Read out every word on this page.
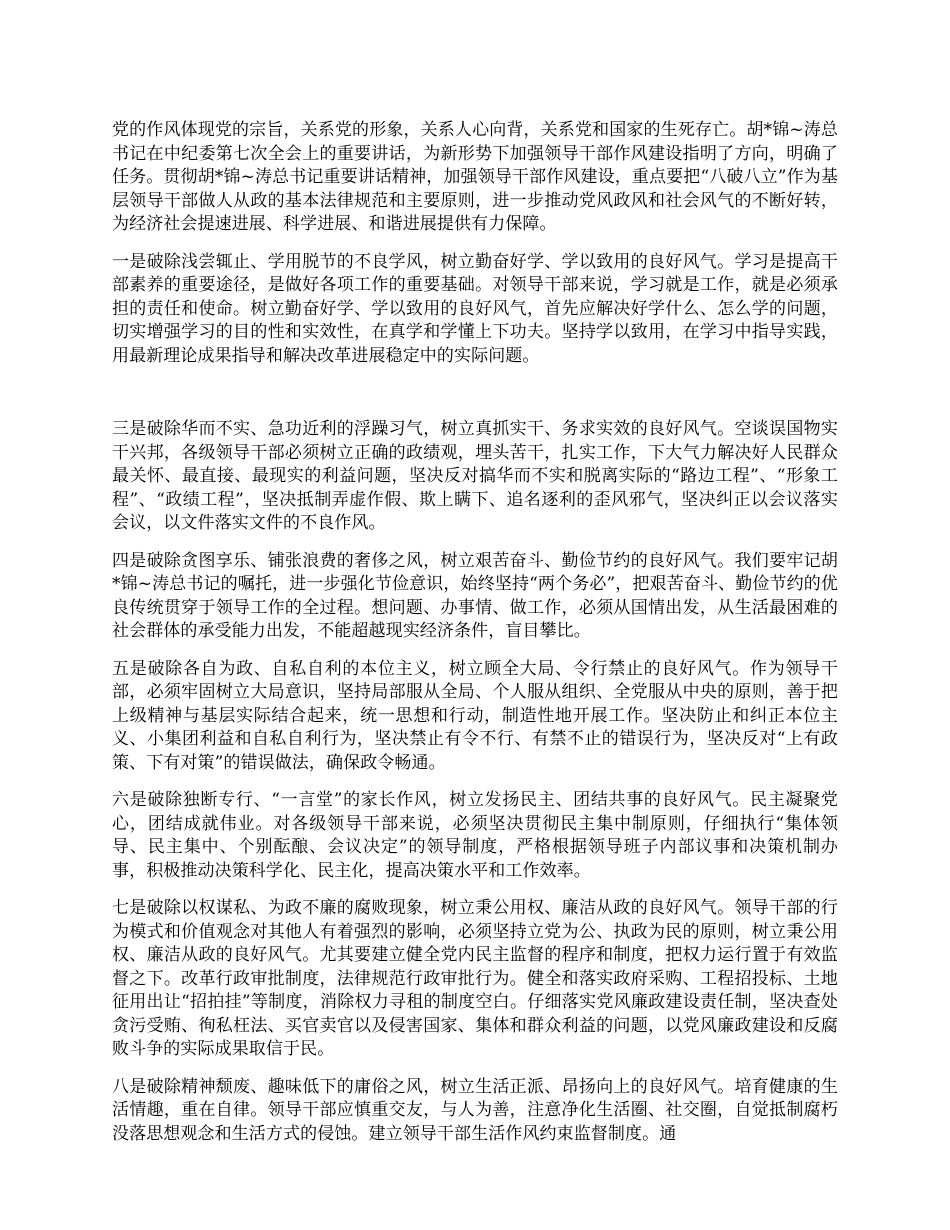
党的作风体现党的宗旨，关系党的形象，关系人心向背，关系党和国家的生死存亡。胡*锦~涛总书记在中纪委第七次全会上的重要讲话，为新形势下加强领导干部作风建设指明了方向，明确了任务。贯彻胡*锦~涛总书记重要讲话精神，加强领导干部作风建设，重点要把“八破八立”作为基层领导干部做人从政的基本法律规范和主要原则，进一步推动党风政风和社会风气的不断好转，为经济社会提速进展、科学进展、和谐进展提供有力保障。

一是破除浅尝辄止、学用脱节的不良学风，树立勤奋好学、学以致用的良好风气。学习是提高干部素养的重要途径，是做好各项工作的重要基础。对领导干部来说，学习就是工作，就是必须承担的责任和使命。树立勤奋好学、学以致用的良好风气，首先应解决好学什么、怎么学的问题，切实增强学习的目的性和实效性，在真学和学懂上下功夫。坚持学以致用，在学习中指导实践，用最新理论成果指导和解决改革进展稳定中的实际问题。

三是破除华而不实、急功近利的浮躁习气，树立真抓实干、务求实效的良好风气。空谈误国物实干兴邦，各级领导干部必须树立正确的政绩观，埋头苦干，扎实工作，下大气力解决好人民群众最关怀、最直接、最现实的利益问题，坚决反对搞华而不实和脱离实际的“路边工程”、“形象工程”、“政绩工程”，坚决抵制弄虚作假、欺上瞒下、追名逐利的歪风邪气，坚决纠正以会议落实会议，以文件落实文件的不良作风。

四是破除贪图享乐、铺张浪费的奢侈之风，树立艰苦奋斗、勤俭节约的良好风气。我们要牢记胡*锦~涛总书记的嘱托，进一步强化节俭意识，始终坚持“两个务必”，把艰苦奋斗、勤俭节约的优良传统贯穿于领导工作的全过程。想问题、办事情、做工作，必须从国情出发，从生活最困难的社会群体的承受能力出发，不能超越现实经济条件，盲目攀比。

五是破除各自为政、自私自利的本位主义，树立顾全大局、令行禁止的良好风气。作为领导干部，必须牢固树立大局意识，坚持局部服从全局、个人服从组织、全党服从中央的原则，善于把上级精神与基层实际结合起来，统一思想和行动，制造性地开展工作。坚决防止和纠正本位主义、小集团利益和自私自利行为，坚决禁止有令不行、有禁不止的错误行为，坚决反对“上有政策、下有对策”的错误做法，确保政令畅通。

六是破除独断专行、“一言堂”的家长作风，树立发扬民主、团结共事的良好风气。民主凝聚党心，团结成就伟业。对各级领导干部来说，必须坚决贯彻民主集中制原则，仔细执行“集体领导、民主集中、个别酝酿、会议决定”的领导制度，严格根据领导班子内部议事和决策机制办事，积极推动决策科学化、民主化，提高决策水平和工作效率。

七是破除以权谋私、为政不廉的腐败现象，树立秉公用权、廉洁从政的良好风气。领导干部的行为模式和价值观念对其他人有着强烈的影响，必须坚持立党为公、执政为民的原则，树立秉公用权、廉洁从政的良好风气。尤其要建立健全党内民主监督的程序和制度，把权力运行置于有效监督之下。改革行政审批制度，法律规范行政审批行为。健全和落实政府采购、工程招投标、土地征用出让“招拍挂”等制度，消除权力寻租的制度空白。仔细落实党风廉政建设责任制，坚决查处贪污受贿、徇私枉法、买官卖官以及侵害国家、集体和群众利益的问题，以党风廉政建设和反腐败斗争的实际成果取信于民。

八是破除精神颓废、趣味低下的庸俗之风，树立生活正派、昂扬向上的良好风气。培育健康的生活情趣，重在自律。领导干部应慎重交友，与人为善，注意净化生活圈、社交圈，自觉抵制腐朽没落思想观念和生活方式的侵蚀。建立领导干部生活作风约束监督制度。通
